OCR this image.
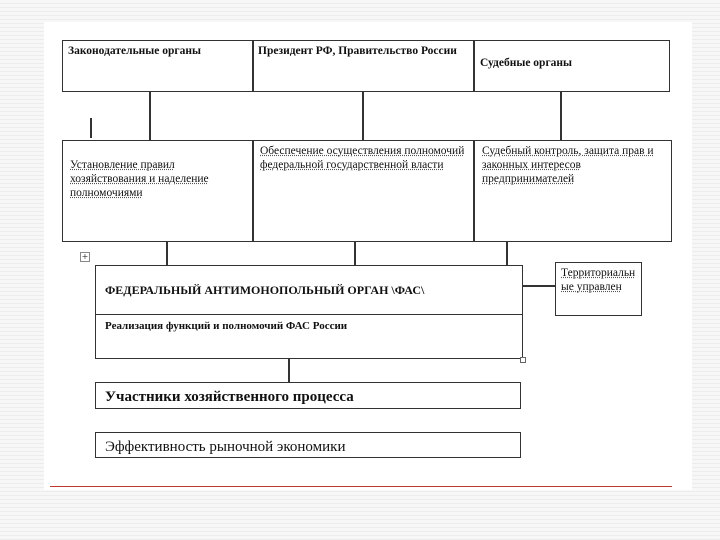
Законодательные органы	Президент РФ, Правительство России
Судебные органы
Установление правил хозяйствования и наделение полномочиями
Обеспечение осуществления полномочий федеральной государственной власти
Судебный контроль, защита прав и законных интересов предпринимателей
+
ФЕДЕРАЛЬНЫЙ АНТИМОНОПОЛЬНЫЙ ОРГАН \ФАС\
Реализация функций и полномочий ФАС России
Территориальные управлен
Участники хозяйственного процесса
Эффективность рыночной экономики
